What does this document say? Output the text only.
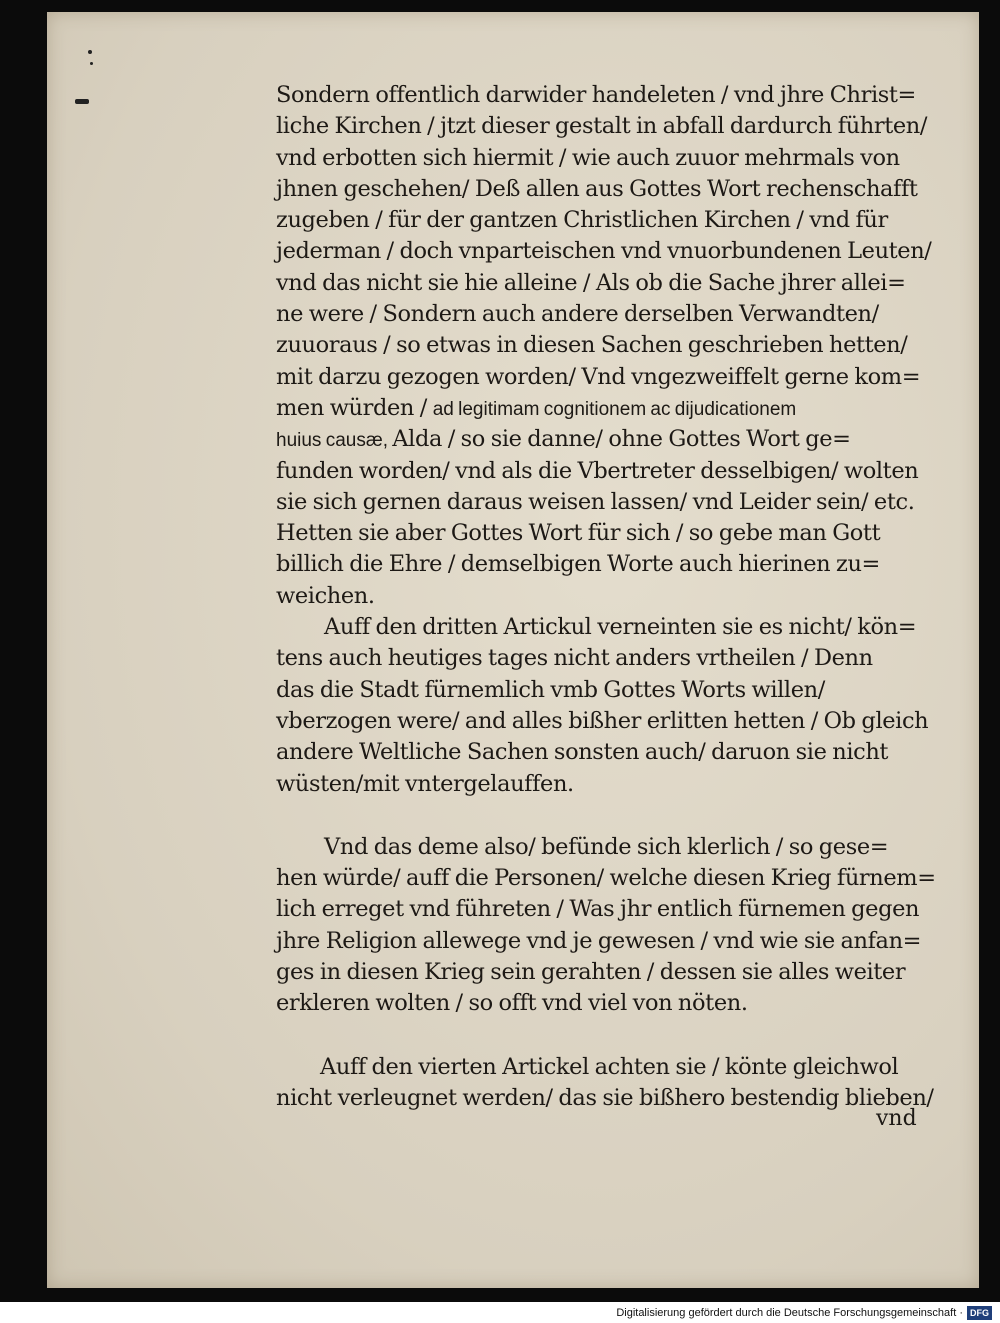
Sondern offentlich darwider handeleten / vnd jhre Christ=
liche Kirchen / jtzt dieser gestalt in abfall dardurch führten/
vnd erbotten sich hiermit / wie auch zuuor mehrmals von
jhnen geschehen/ Deß allen aus Gottes Wort rechenschafft
zugeben / für der gantzen Christlichen Kirchen / vnd für
jederman / doch vnparteischen vnd vnuorbundenen Leuten/
vnd das nicht sie hie alleine / Als ob die Sache jhrer allei=
ne were / Sondern auch andere derselben Verwandten/
zuuoraus / so etwas in diesen Sachen geschrieben hetten/
mit darzu gezogen worden/ Vnd vngezweiffelt gerne kom=
men würden / ad legitimam cognitionem ac dijudicationem
huius causæ, Alda / so sie danne/ ohne Gottes Wort ge=
funden worden/ vnd als die Vbertreter desselbigen/ wolten
sie sich gernen daraus weisen lassen/ vnd Leider sein/ etc.
Hetten sie aber Gottes Wort für sich / so gebe man Gott
billich die Ehre / demselbigen Worte auch hierinen zu=
weichen.
Auff den dritten Artickul verneinten sie es nicht/ kön=
tens auch heutiges tages nicht anders vrtheilen / Denn
das die Stadt fürnemlich vmb Gottes Worts willen/
vberzogen were/ and alles bißher erlitten hetten / Ob gleich
andere Weltliche Sachen sonsten auch/ daruon sie nicht
wüsten/mit vntergelauffen.
Vnd das deme also/ befünde sich klerlich / so gese=
hen würde/ auff die Personen/ welche diesen Krieg fürnem=
lich erreget vnd führeten / Was jhr entlich fürnemen gegen
jhre Religion allewege vnd je gewesen / vnd wie sie anfan=
ges in diesen Krieg sein gerahten / dessen sie alles weiter
erkleren wolten / so offt vnd viel von nöten.
Auff den vierten Artickel achten sie / könte gleichwol
nicht verleugnet werden/ das sie bißhero bestendig blieben/
vnd
Digitalisierung gefördert durch die Deutsche Forschungsgemeinschaft · DFG
